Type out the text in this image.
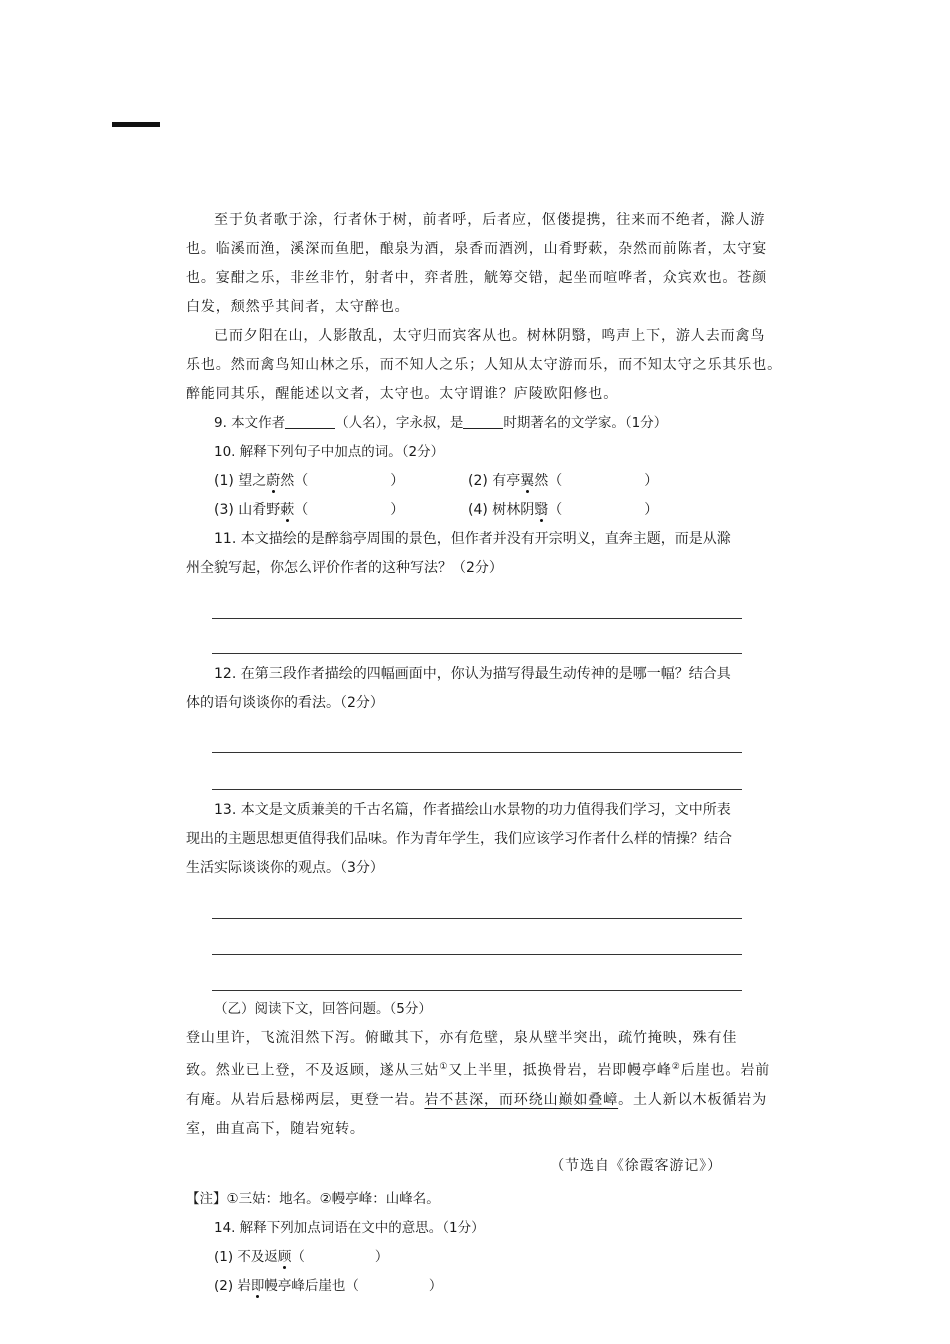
至于负者歌于涂，行者休于树，前者呼，后者应，伛偻提携，往来而不绝者，滁人游
也。临溪而渔，溪深而鱼肥，酿泉为酒，泉香而酒洌，山肴野蔌，杂然而前陈者，太守宴
也。宴酣之乐，非丝非竹，射者中，弈者胜，觥筹交错，起坐而喧哗者，众宾欢也。苍颜
白发，颓然乎其间者，太守醉也。
已而夕阳在山，人影散乱，太守归而宾客从也。树林阴翳，鸣声上下，游人去而禽鸟
乐也。然而禽鸟知山林之乐，而不知人之乐；人知从太守游而乐，而不知太守之乐其乐也。
醉能同其乐，醒能述以文者，太守也。太守谓谁？庐陵欧阳修也。
9. 本文作者	（人名），字永叔，是	时期著名的文学家。（1分）
10. 解释下列句子中加点的词。（2分）
(1) 望之蔚然（	）	(2) 有亭翼然（	）
(3) 山肴野蔌（	）	(4) 树林阴翳（	）
11. 本文描绘的是醉翁亭周围的景色，但作者并没有开宗明义，直奔主题，而是从滁
州全貌写起，你怎么评价作者的这种写法？（2分）
12. 在第三段作者描绘的四幅画面中，你认为描写得最生动传神的是哪一幅？结合具
体的语句谈谈你的看法。（2分）
13. 本文是文质兼美的千古名篇，作者描绘山水景物的功力值得我们学习，文中所表
现出的主题思想更值得我们品味。作为青年学生，我们应该学习作者什么样的情操？结合
生活实际谈谈你的观点。（3分）
（乙）阅读下文，回答问题。（5分）
登山里许，飞流泪然下泻。俯瞰其下，亦有危壁，泉从壁半突出，疏竹掩映，殊有佳
致。然业已上登，不及返顾，遂从三姑①又上半里，抵换骨岩，岩即幔亭峰②后崖也。岩前
有庵。从岩后悬梯两层，更登一岩。岩不甚深，而环绕山巅如叠嶂。土人新以木板循岩为
室，曲直高下，随岩宛转。
（节选自《徐霞客游记》）
【注】①三姑：地名。②幔亭峰：山峰名。
14. 解释下列加点词语在文中的意思。（1分）
(1) 不及返顾（	）
(2) 岩即幔亭峰后崖也（	）
